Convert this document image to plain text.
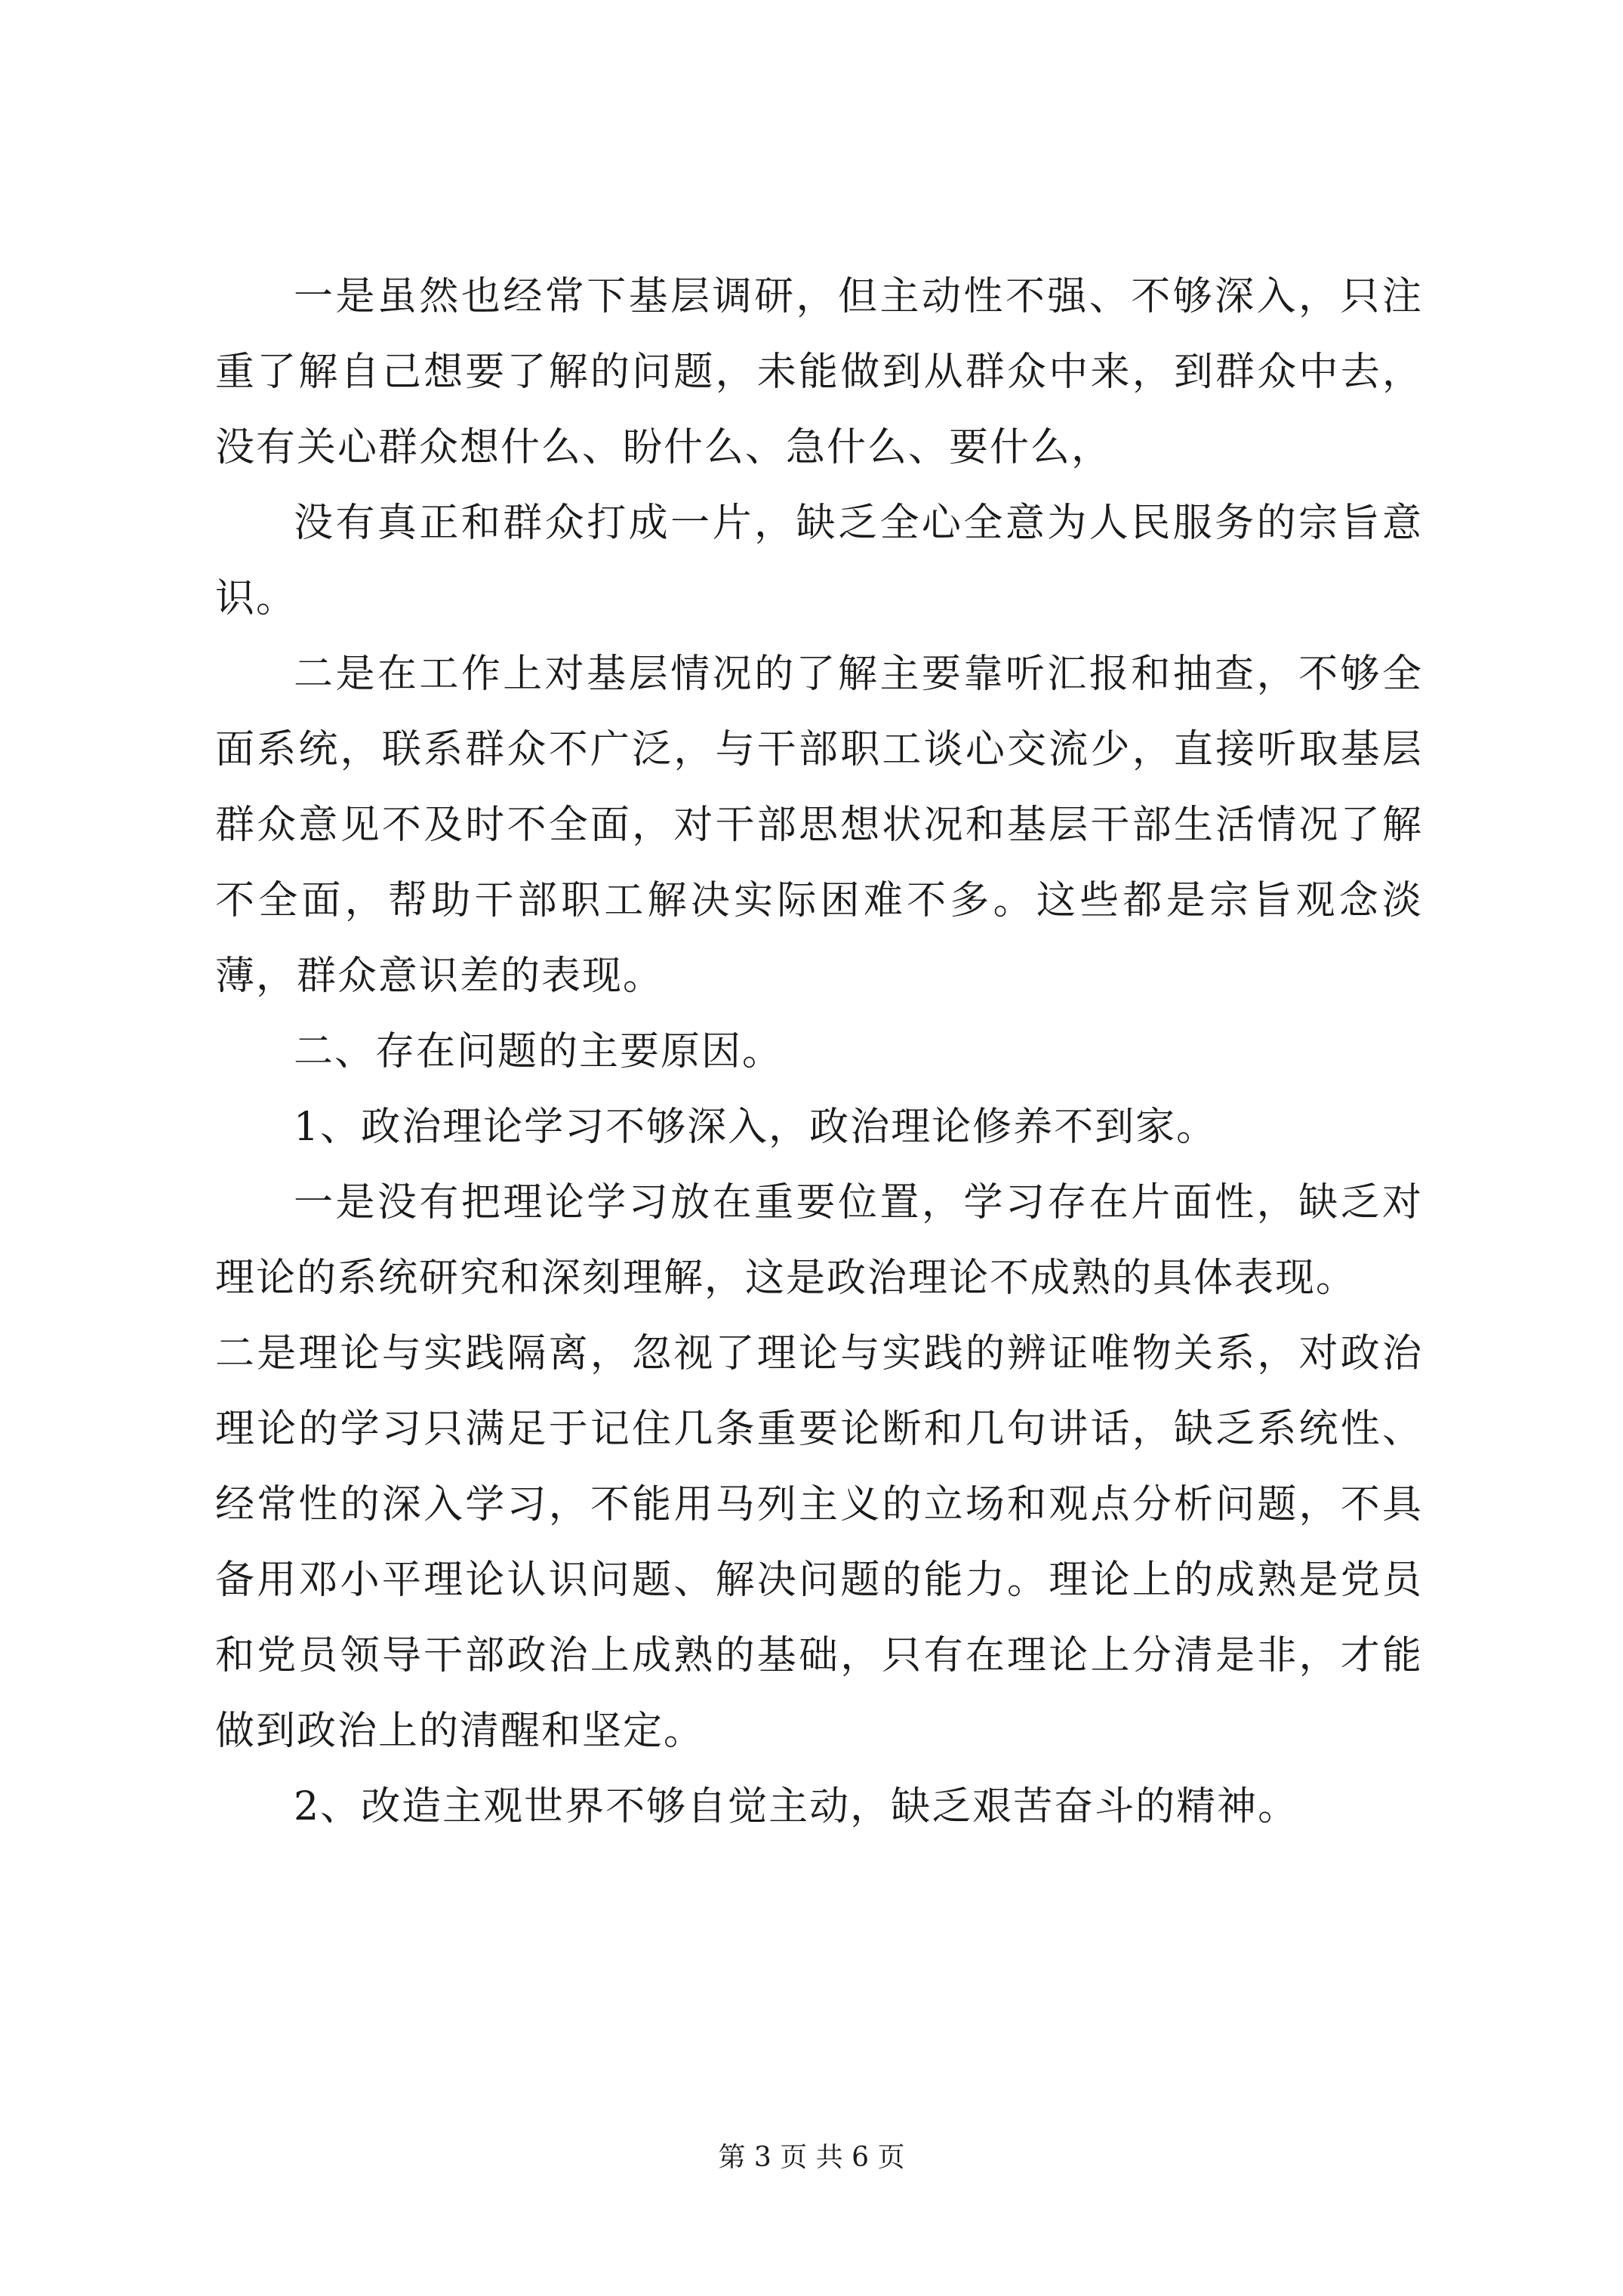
一是虽然也经常下基层调研，但主动性不强、不够深入，只注重了解自己想要了解的问题，未能做到从群众中来，到群众中去，没有关心群众想什么、盼什么、急什么、要什么，

没有真正和群众打成一片，缺乏全心全意为人民服务的宗旨意识。

二是在工作上对基层情况的了解主要靠听汇报和抽查，不够全面系统，联系群众不广泛，与干部职工谈心交流少，直接听取基层群众意见不及时不全面，对干部思想状况和基层干部生活情况了解不全面，帮助干部职工解决实际困难不多。这些都是宗旨观念淡薄，群众意识差的表现。

二、存在问题的主要原因。

1、政治理论学习不够深入，政治理论修养不到家。

一是没有把理论学习放在重要位置，学习存在片面性，缺乏对理论的系统研究和深刻理解，这是政治理论不成熟的具体表现。

二是理论与实践隔离，忽视了理论与实践的辨证唯物关系，对政治理论的学习只满足于记住几条重要论断和几句讲话，缺乏系统性、经常性的深入学习，不能用马列主义的立场和观点分析问题，不具备用邓小平理论认识问题、解决问题的能力。理论上的成熟是党员和党员领导干部政治上成熟的基础，只有在理论上分清是非，才能做到政治上的清醒和坚定。

2、改造主观世界不够自觉主动，缺乏艰苦奋斗的精神。

第 3 页 共 6 页
